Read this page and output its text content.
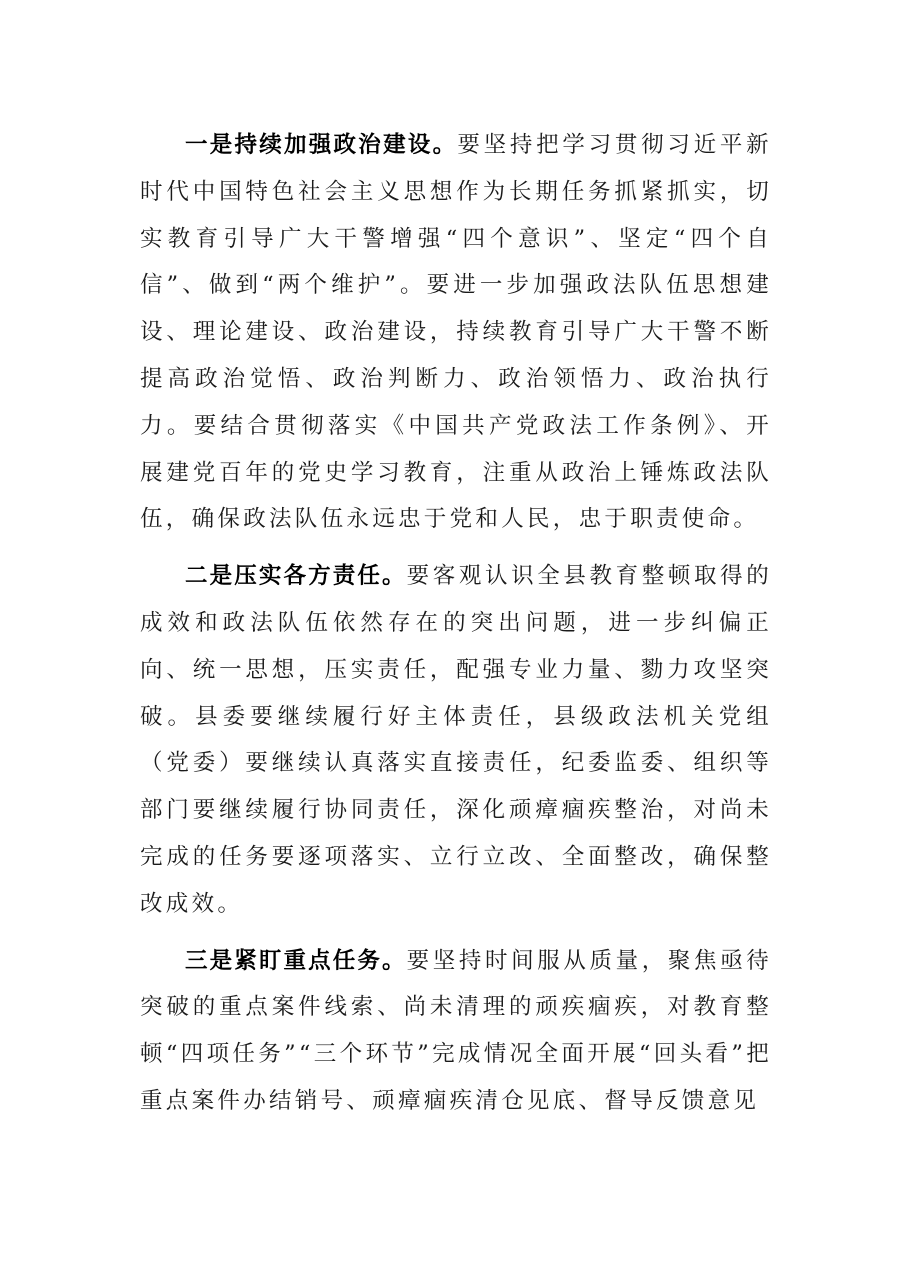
一是持续加强政治建设。要坚持把学习贯彻习近平新时代中国特色社会主义思想作为长期任务抓紧抓实，切实教育引导广大干警增强“四个意识”、坚定“四个自信”、做到“两个维护”。要进一步加强政法队伍思想建设、理论建设、政治建设，持续教育引导广大干警不断提高政治觉悟、政治判断力、政治领悟力、政治执行力。要结合贯彻落实《中国共产党政法工作条例》、开展建党百年的党史学习教育，注重从政治上锤炼政法队伍，确保政法队伍永远忠于党和人民，忠于职责使命。

二是压实各方责任。要客观认识全县教育整顿取得的成效和政法队伍依然存在的突出问题，进一步纠偏正向、统一思想，压实责任，配强专业力量、勠力攻坚突破。县委要继续履行好主体责任，县级政法机关党组（党委）要继续认真落实直接责任，纪委监委、组织等部门要继续履行协同责任，深化顽瘴痼疾整治，对尚未完成的任务要逐项落实、立行立改、全面整改，确保整改成效。

三是紧盯重点任务。要坚持时间服从质量，聚焦亟待突破的重点案件线索、尚未清理的顽疾痼疾，对教育整顿“四项任务”“三个环节”完成情况全面开展“回头看”把重点案件办结销号、顽瘴痼疾清仓见底、督导反馈意见
